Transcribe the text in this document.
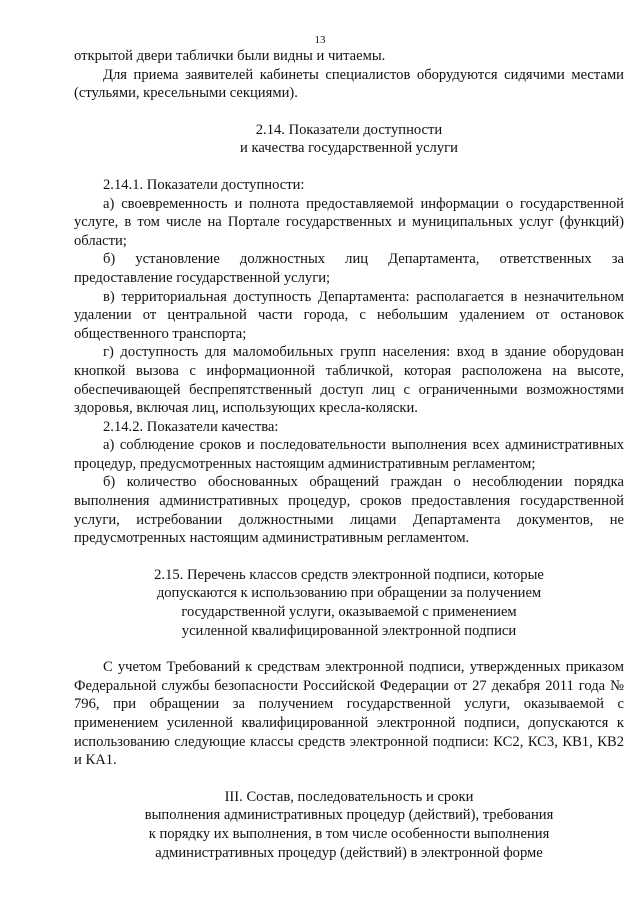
13

открытой двери таблички были видны и читаемы.

Для приема заявителей кабинеты специалистов оборудуются сидячими местами (стульями, кресельными секциями).

2.14. Показатели доступности

и качества государственной услуги

2.14.1. Показатели доступности:

а) своевременность и полнота предоставляемой информации о государственной услуге, в том числе на Портале государственных и муниципальных услуг (функций) области;

б) установление должностных лиц Департамента, ответственных за предоставление государственной услуги;

в) территориальная доступность Департамента: располагается в незначительном удалении от центральной части города, с небольшим удалением от остановок общественного транспорта;

г) доступность для маломобильных групп населения: вход в здание оборудован кнопкой вызова с информационной табличкой, которая расположена на высоте, обеспечивающей беспрепятственный доступ лиц с ограниченными возможностями здоровья, включая лиц, использующих кресла-коляски.

2.14.2. Показатели качества:

а) соблюдение сроков и последовательности выполнения всех административных процедур, предусмотренных настоящим административным регламентом;

б) количество обоснованных обращений граждан о несоблюдении порядка выполнения административных процедур, сроков предоставления государственной услуги, истребовании должностными лицами Департамента документов, не предусмотренных настоящим административным регламентом.

2.15. Перечень классов средств электронной подписи, которые

допускаются к использованию при обращении за получением

государственной услуги, оказываемой с применением

усиленной квалифицированной электронной подписи

С учетом Требований к средствам электронной подписи, утвержденных приказом Федеральной службы безопасности Российской Федерации от 27 декабря 2011 года № 796, при обращении за получением государственной услуги, оказываемой с применением усиленной квалифицированной электронной подписи, допускаются к использованию следующие классы средств электронной подписи: КС2, КС3, КВ1, КВ2 и КА1.

III. Состав, последовательность и сроки

выполнения административных процедур (действий), требования

к порядку их выполнения, в том числе особенности выполнения

административных процедур (действий) в электронной форме
